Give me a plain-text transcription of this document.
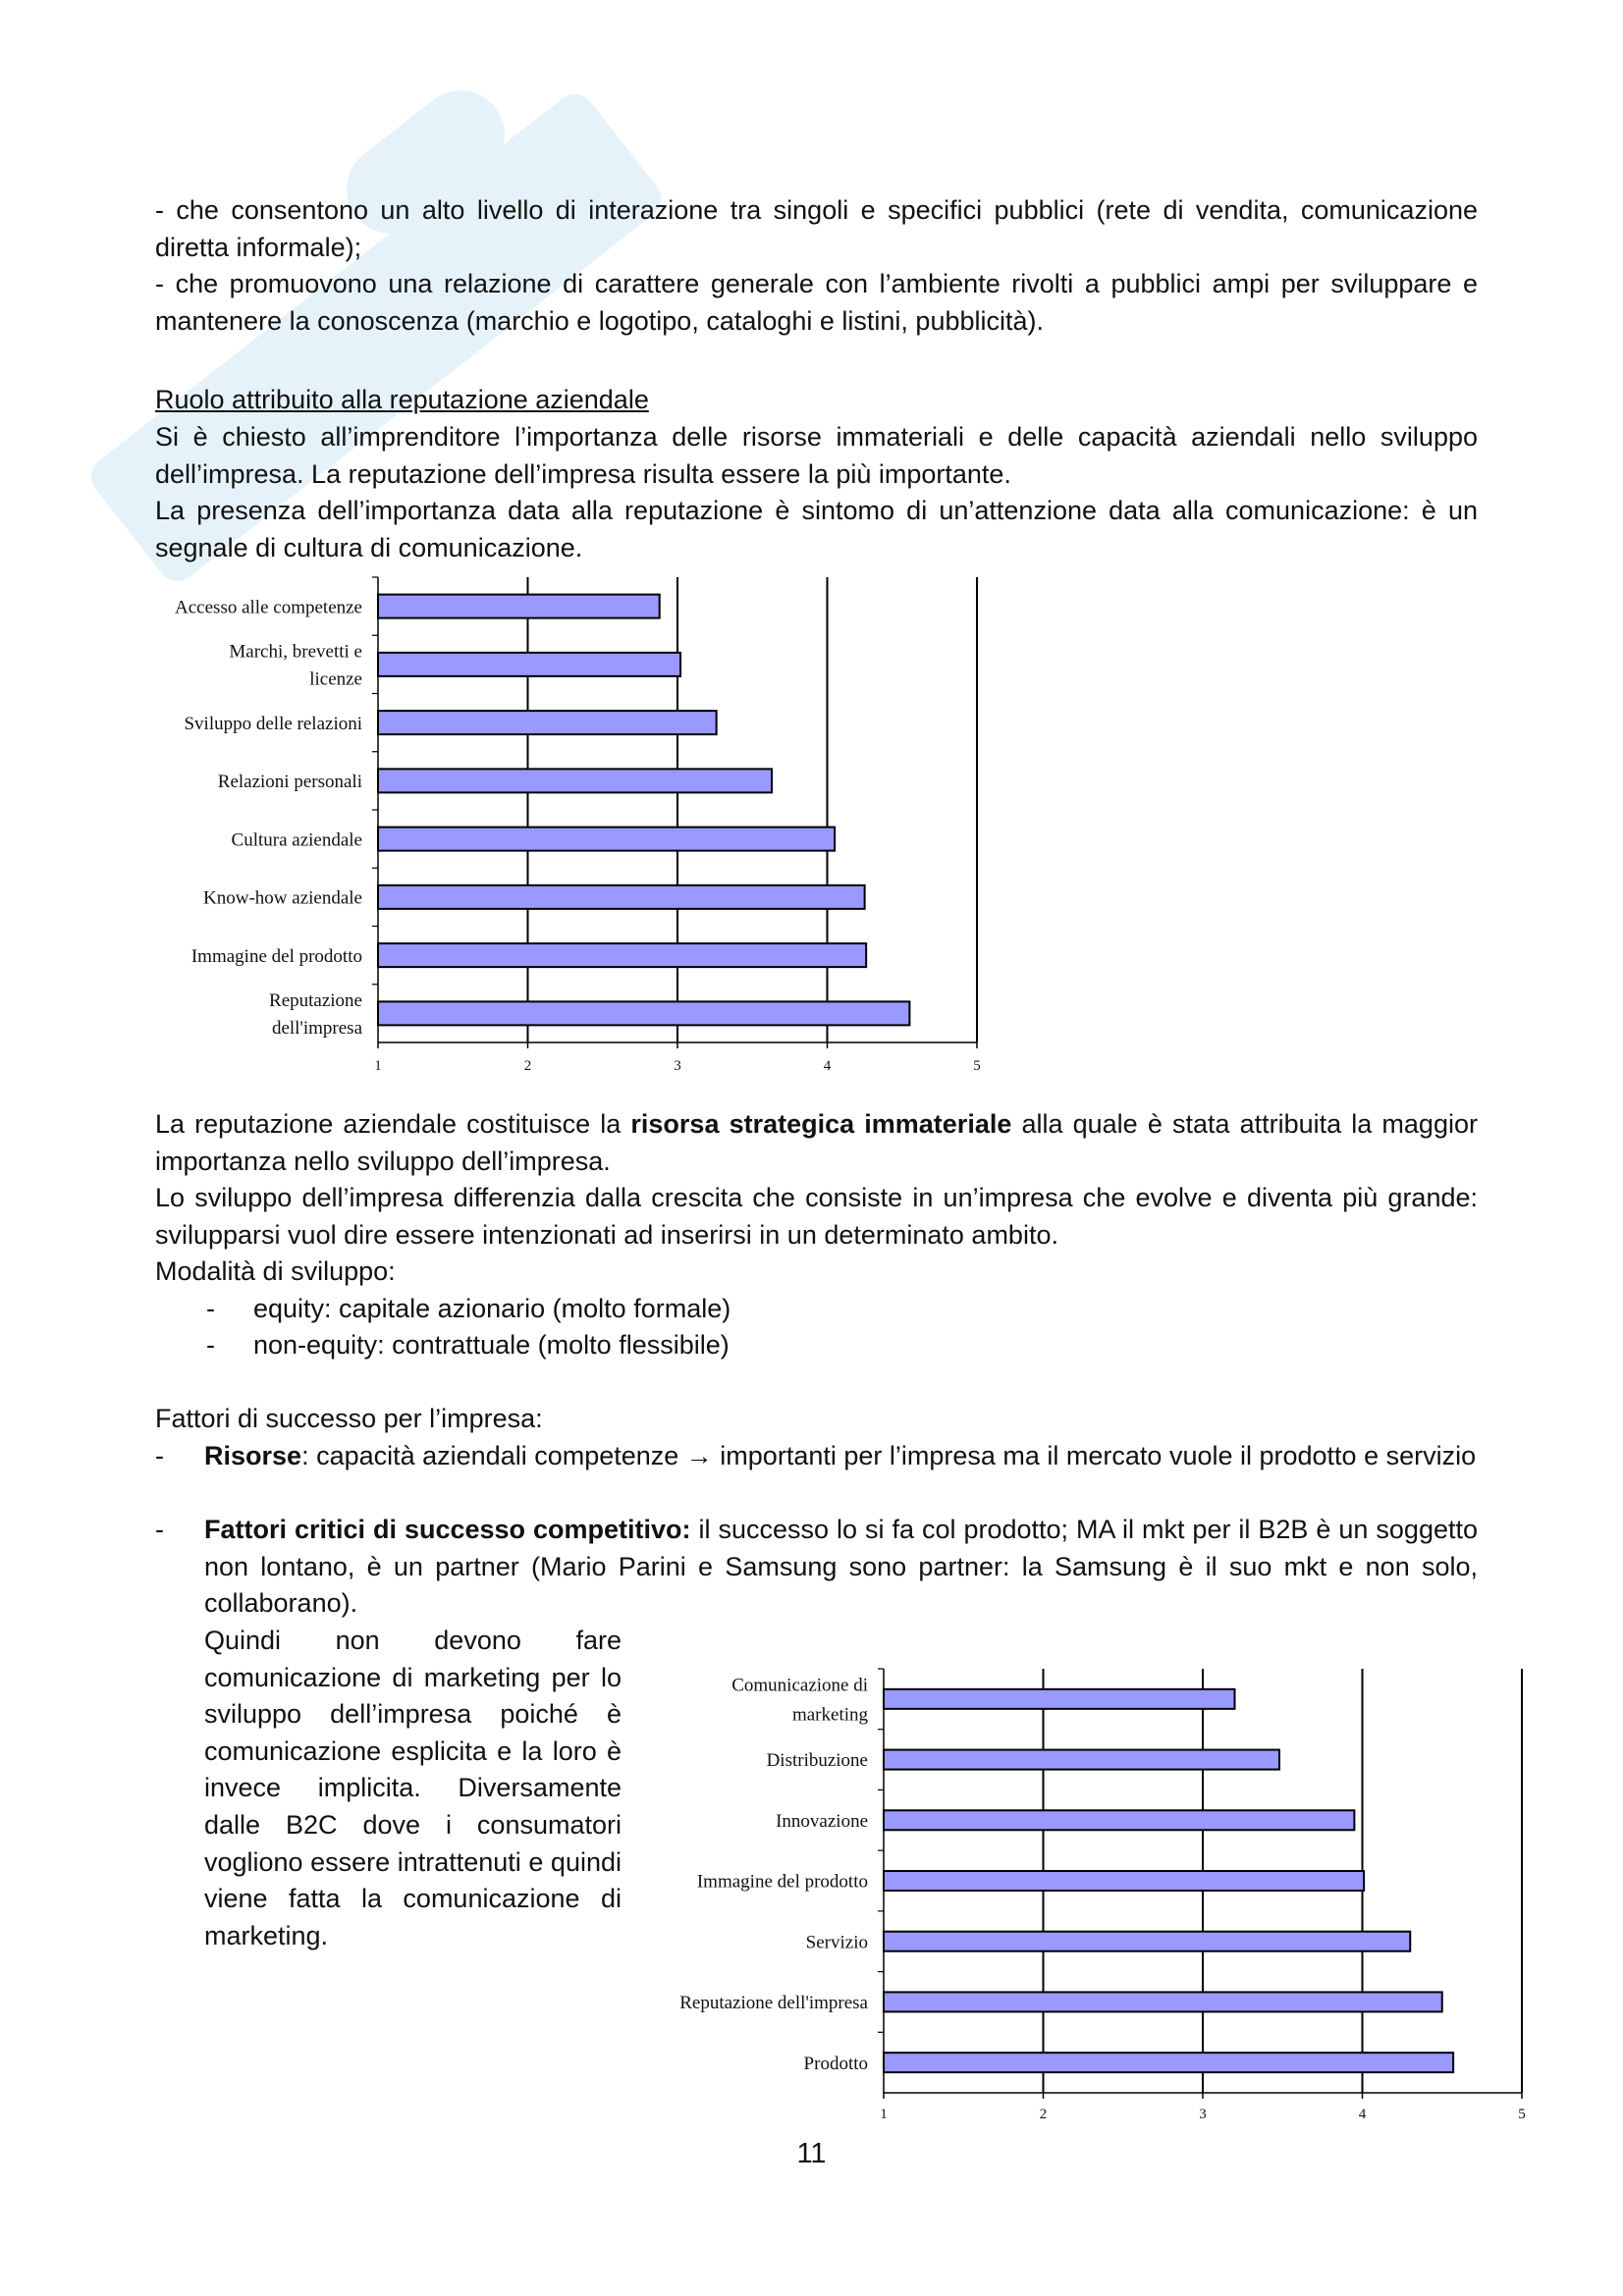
- che consentono un alto livello di interazione tra singoli e specifici pubblici (rete di vendita, comunicazione diretta informale);

- che promuovono una relazione di carattere generale con l’ambiente rivolti a pubblici ampi per sviluppare e mantenere la conoscenza (marchio e logotipo, cataloghi e listini, pubblicità).

Ruolo attribuito alla reputazione aziendale

Si è chiesto all’imprenditore l’importanza delle risorse immateriali e delle capacità aziendali nello sviluppo dell’impresa. La reputazione dell’impresa risulta essere la più importante.

La presenza dell’importanza data alla reputazione è sintomo di un’attenzione data alla comunicazione: è un segnale di cultura di comunicazione.

1	2	3	4	5
Accesso alle competenze
Marchi, brevetti e
licenze
Sviluppo delle relazioni
Relazioni personali
Cultura aziendale
Know-how aziendale
Immagine del prodotto
Reputazione
dell'impresa

La reputazione aziendale costituisce la risorsa strategica immateriale alla quale è stata attribuita la maggior importanza nello sviluppo dell’impresa.

Lo sviluppo dell’impresa differenzia dalla crescita che consiste in un’impresa che evolve e diventa più grande: svilupparsi vuol dire essere intenzionati ad inserirsi in un determinato ambito.

Modalità di sviluppo:

- equity: capitale azionario (molto formale)
- non-equity: contrattuale (molto flessibile)

Fattori di successo per l’impresa:

- Risorse: capacità aziendali competenze → importanti per l’impresa ma il mercato vuole il prodotto e servizio

- Fattori critici di successo competitivo: il successo lo si fa col prodotto; MA il mkt per il B2B è un soggetto non lontano, è un partner (Mario Parini e Samsung sono partner: la Samsung è il suo mkt e non solo, collaborano).

Quindi non devono fare comunicazione di marketing per lo sviluppo dell’impresa poiché è comunicazione esplicita e la loro è invece implicita. Diversamente dalle B2C dove i consumatori vogliono essere intrattenuti e quindi viene fatta la comunicazione di marketing.

1	2	3	4	5
Comunicazione di
marketing
Distribuzione
Innovazione
Immagine del prodotto
Servizio
Reputazione dell'impresa
Prodotto
11
